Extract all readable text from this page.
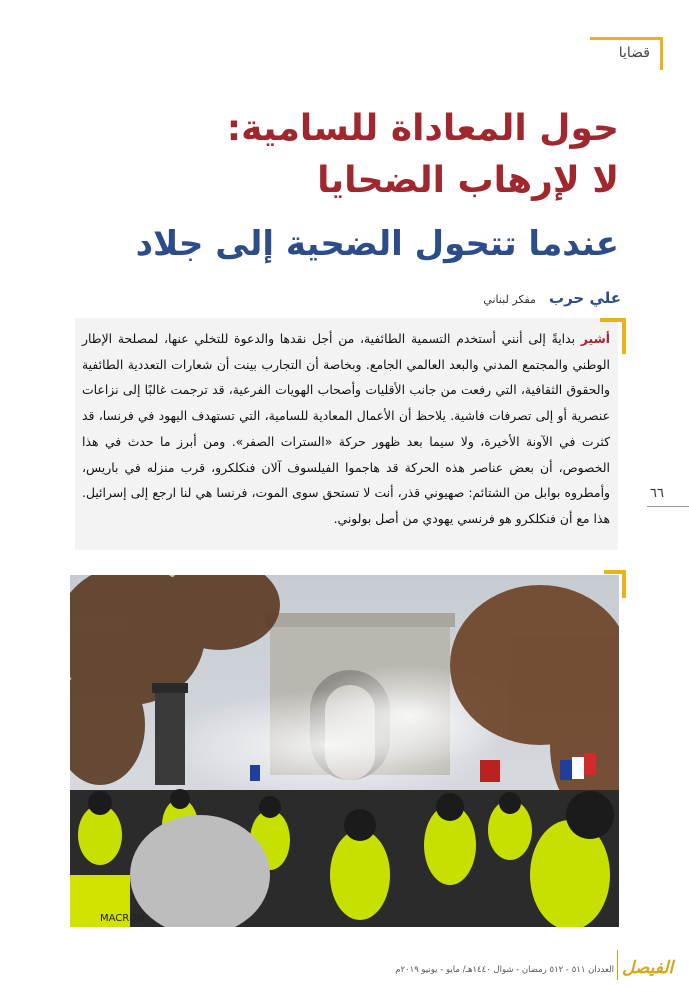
قضايا
حول المعاداة للسامية:
لا لإرهاب الضحايا
عندما تتحول الضحية إلى جلاد
علي حرب مفكر لبناني
أشير بدايةً إلى أنني أستخدم التسمية الطائفية، من أجل نقدها والدعوة للتخلي عنها، لمصلحة الإطار الوطني والمجتمع المدني والبعد العالمي الجامع. وبخاصة أن التجارب بينت أن شعارات التعددية الطائفية والحقوق الثقافية، التي رفعت من جانب الأقليات وأصحاب الهويات الفرعية، قد ترجمت غالبًا إلى نزاعات عنصرية أو إلى تصرفات فاشية. يلاحظ أن الأعمال المعادية للسامية، التي تستهدف اليهود في فرنسا، قد كثرت في الآونة الأخيرة، ولا سيما بعد ظهور حركة «السترات الصفر». ومن أبرز ما حدث في هذا الخصوص، أن بعض عناصر هذه الحركة قد هاجموا الفيلسوف آلان فنكلكرو، قرب منزله في باريس، وأمطروه بوابل من الشتائم: صهيوني قذر، أنت لا تستحق سوى الموت، فرنسا هي لنا ارجع إلى إسرائيل. هذا مع أن فنكلكرو هو فرنسي يهودي من أصل بولوني.
٦٦
MACRON
الفيصل
العددان ٥١١ - ٥١٢ رمضان - شوال ١٤٤٠هـ/ مايو - يونيو ٢٠١٩م
